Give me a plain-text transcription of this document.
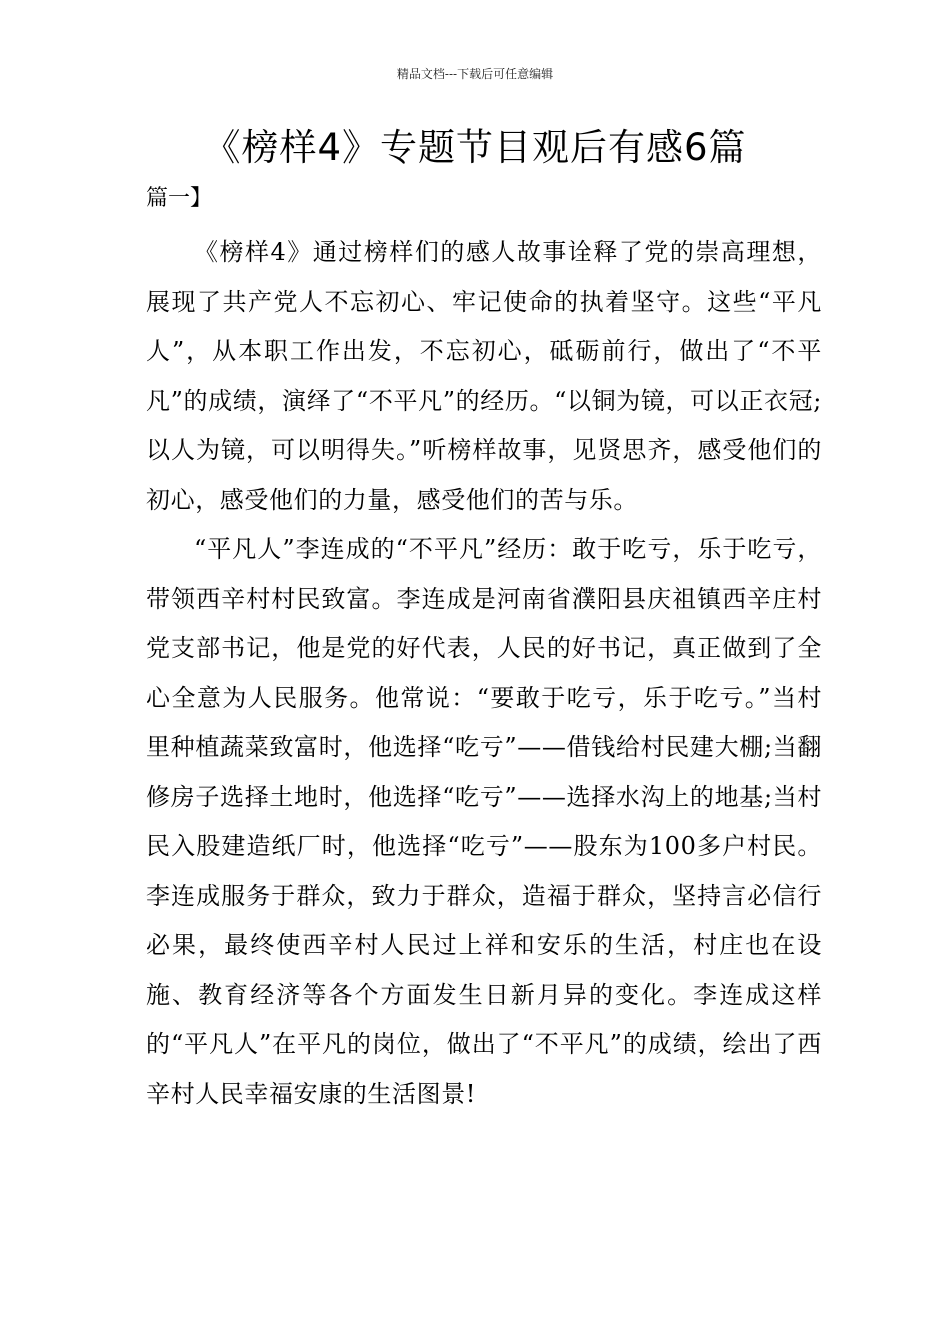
精品文档---下载后可任意编辑
《榜样4》专题节目观后有感6篇
篇一】

《榜样4》通过榜样们的感人故事诠释了党的崇高理想，展现了共产党人不忘初心、牢记使命的执着坚守。这些“平凡人”，从本职工作出发，不忘初心，砥砺前行，做出了“不平凡”的成绩，演绎了“不平凡”的经历。“以铜为镜，可以正衣冠;以人为镜，可以明得失。”听榜样故事，见贤思齐，感受他们的初心，感受他们的力量，感受他们的苦与乐。

“平凡人”李连成的“不平凡”经历：敢于吃亏，乐于吃亏，带领西辛村村民致富。李连成是河南省濮阳县庆祖镇西辛庄村党支部书记，他是党的好代表，人民的好书记，真正做到了全心全意为人民服务。他常说：“要敢于吃亏，乐于吃亏。”当村里种植蔬菜致富时，他选择“吃亏”——借钱给村民建大棚;当翻修房子选择土地时，他选择“吃亏”——选择水沟上的地基;当村民入股建造纸厂时，他选择“吃亏”——股东为100多户村民。李连成服务于群众，致力于群众，造福于群众，坚持言必信行必果，最终使西辛村人民过上祥和安乐的生活，村庄也在设施、教育经济等各个方面发生日新月异的变化。李连成这样的“平凡人”在平凡的岗位，做出了“不平凡”的成绩，绘出了西辛村人民幸福安康的生活图景!
